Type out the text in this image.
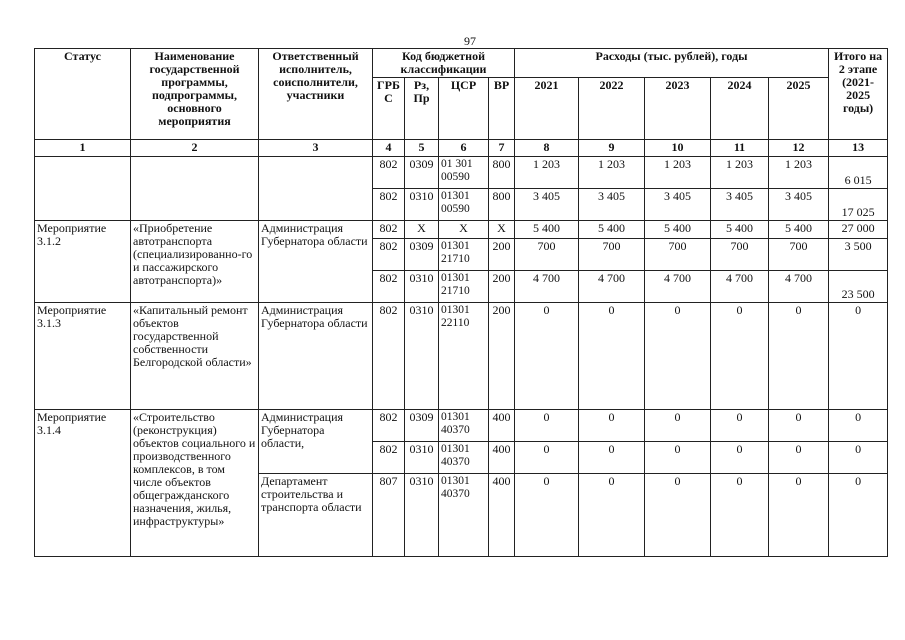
97
Статус	Наименование государственной программы, подпрограммы, основного мероприятия	Ответственный исполнитель, соисполнители, участники	Код бюджетной классификации				Расходы (тыс. рублей), годы					Итого на 2 этапе (2021-2025 годы)
			ГРБ С	Рз, Пр	ЦСР	ВР	2021	2022	2023	2024	2025	
1	2	3	4	5	6	7	8	9	10	11	12	13
			802	0309	01 301 00590	800	1 203	1 203	1 203	1 203	1 203	6 015
			802	0310	01301 00590	800	3 405	3 405	3 405	3 405	3 405	17 025
Мероприятие 3.1.2	«Приобретение автотранспорта (специализированно-го и пассажирского автотранспорта)»	Администрация Губернатора области	802	X	X	X	5 400	5 400	5 400	5 400	5 400	27 000
			802	0309	01301 21710	200	700	700	700	700	700	3 500
			802	0310	01301 21710	200	4 700	4 700	4 700	4 700	4 700	23 500
Мероприятие 3.1.3	«Капитальный ремонт объектов государственной собственности Белгородской области»	Администрация Губернатора области	802	0310	01301 22110	200	0	0	0	0	0	0
Мероприятие 3.1.4	«Строительство (реконструкция) объектов социального и производственного комплексов, в том числе объектов общегражданского назначения, жилья, инфраструктуры»	Администрация Губернатора области,	802	0309	01301 40370	400	0	0	0	0	0	0
			802	0310	01301 40370	400	0	0	0	0	0	0
		Департамент строительства и транспорта области	807	0310	01301 40370	400	0	0	0	0	0	0
